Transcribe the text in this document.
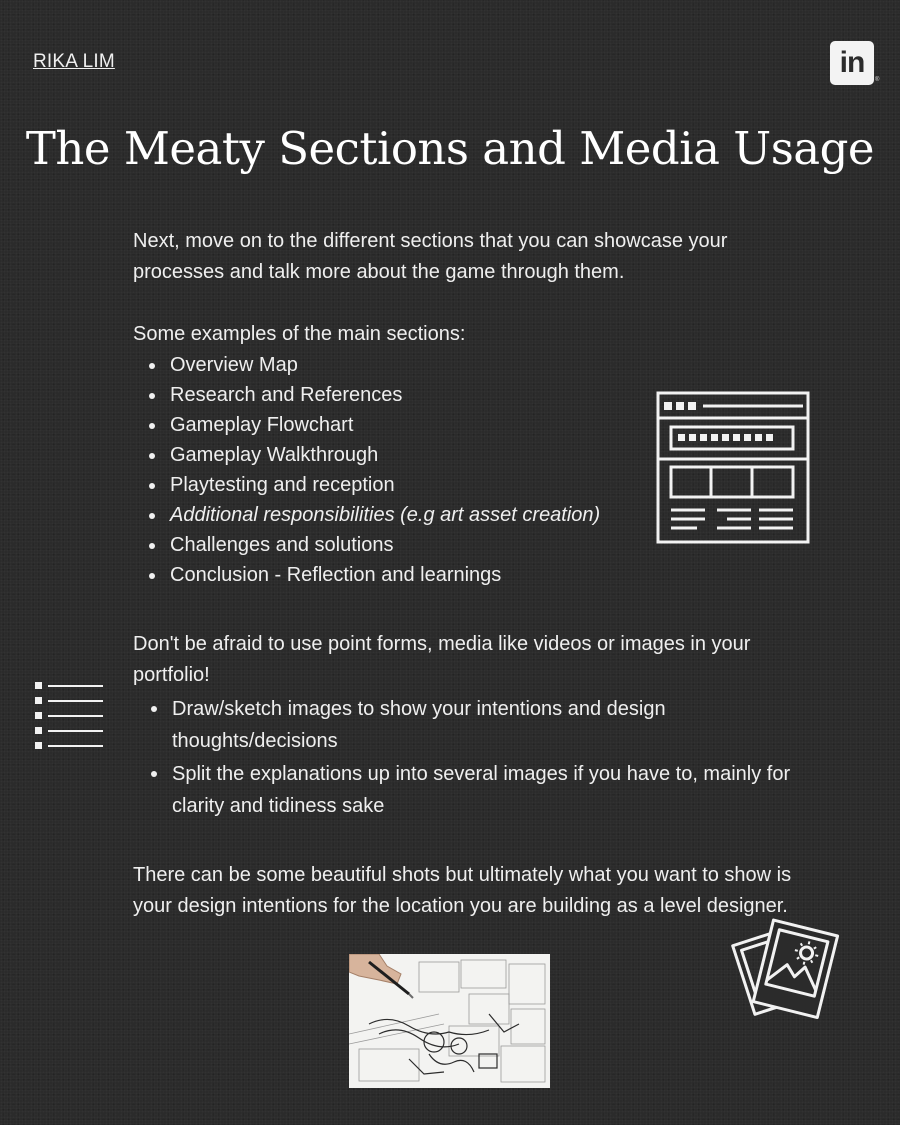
RIKA LIM	in
®
The Meaty Sections and Media Usage

Next, move on to the different sections that you can showcase your processes and talk more about the game through them.

Some examples of the main sections:

Overview Map
Research and References
Gameplay Flowchart
Gameplay Walkthrough
Playtesting and reception
Additional responsibilities (e.g art asset creation)
Challenges and solutions
Conclusion - Reflection and learnings

Don't be afraid to use point forms, media like videos or images in your portfolio!

Draw/sketch images to show your intentions and design thoughts/decisions
Split the explanations up into several images if you have to, mainly for clarity and tidiness sake

There can be some beautiful shots but ultimately what you want to show is your design intentions for the location you are building as a level designer.
